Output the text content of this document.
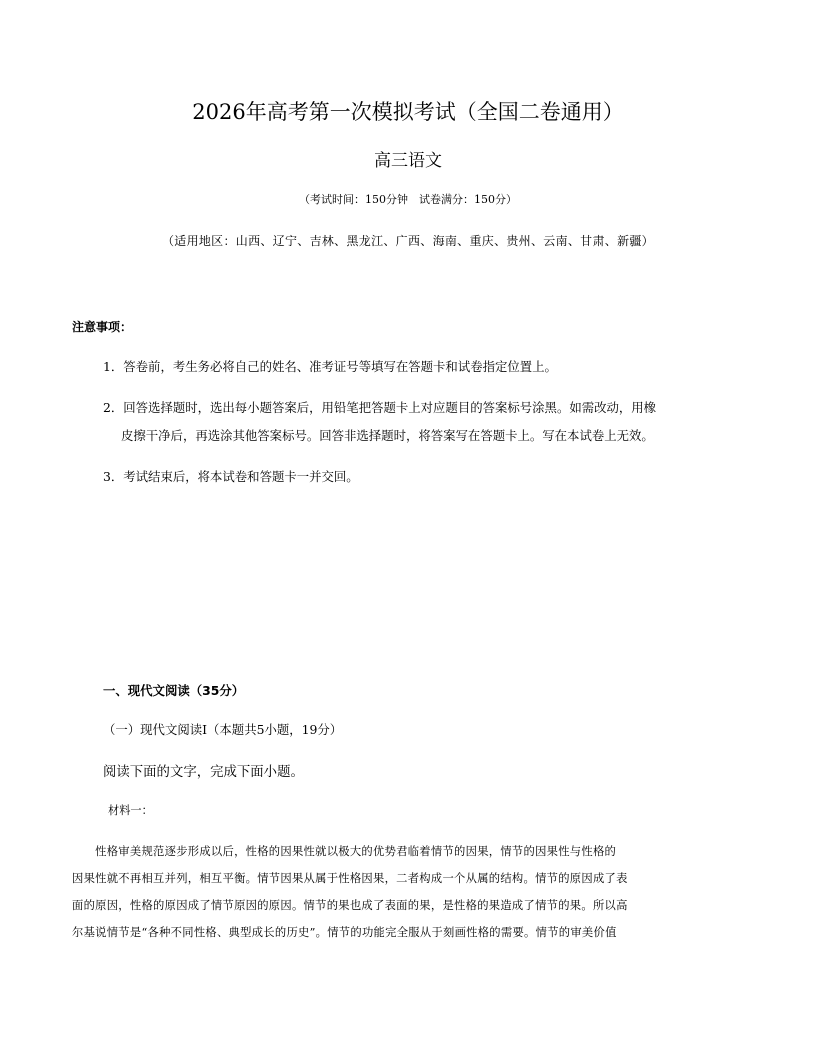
2026年高考第一次模拟考试（全国二卷通用）
高三语文
（考试时间：150分钟　试卷满分：150分）
（适用地区：山西、辽宁、吉林、黑龙江、广西、海南、重庆、贵州、云南、甘肃、新疆）
注意事项：
1．答卷前，考生务必将自己的姓名、准考证号等填写在答题卡和试卷指定位置上。
2．回答选择题时，选出每小题答案后，用铅笔把答题卡上对应题目的答案标号涂黑。如需改动，用橡
皮擦干净后，再选涂其他答案标号。回答非选择题时，将答案写在答题卡上。写在本试卷上无效。
3．考试结束后，将本试卷和答题卡一并交回。
一、现代文阅读（35分）
（一）现代文阅读Ⅰ（本题共5小题，19分）
阅读下面的文字，完成下面小题。
材料一：
　　性格审美规范逐步形成以后，性格的因果性就以极大的优势君临着情节的因果，情节的因果性与性格的
因果性就不再相互并列，相互平衡。情节因果从属于性格因果，二者构成一个从属的结构。情节的原因成了表
面的原因，性格的原因成了情节原因的原因。情节的果也成了表面的果，是性格的果造成了情节的果。所以高
尔基说情节是“各种不同性格、典型成长的历史”。情节的功能完全服从于刻画性格的需要。情节的审美价值
